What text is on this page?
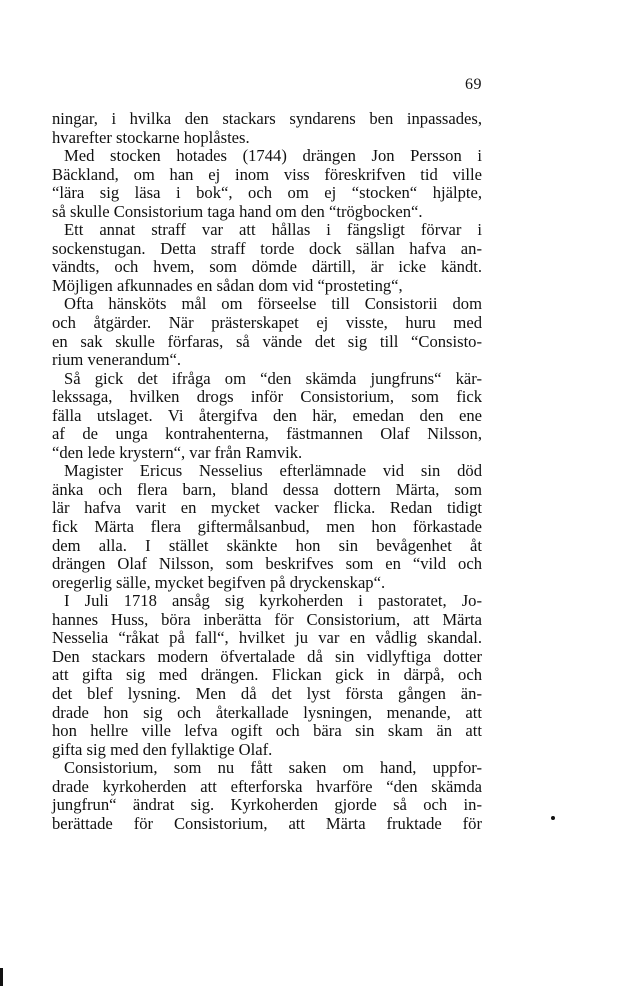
69
ningar, i hvilka den stackars syndarens ben inpassades,
hvarefter stockarne hoplåstes.
Med stocken hotades (1744) drängen Jon Persson i
Bäckland, om han ej inom viss föreskrifven tid ville
“lära sig läsa i bok“, och om ej “stocken“ hjälpte,
så skulle Consistorium taga hand om den “trögbocken“.
Ett annat straff var att hållas i fängsligt förvar i
sockenstugan. Detta straff torde dock sällan hafva an-
vändts, och hvem, som dömde därtill, är icke kändt.
Möjligen afkunnades en sådan dom vid “prosteting“,
Ofta hänsköts mål om förseelse till Consistorii dom
och åtgärder. När prästerskapet ej visste, huru med
en sak skulle förfaras, så vände det sig till “Consisto-
rium venerandum“.
Så gick det ifråga om “den skämda jungfruns“ kär-
lekssaga, hvilken drogs inför Consistorium, som fick
fälla utslaget. Vi återgifva den här, emedan den ene
af de unga kontrahenterna, fästmannen Olaf Nilsson,
“den lede krystern“, var från Ramvik.
Magister Ericus Nesselius efterlämnade vid sin död
änka och flera barn, bland dessa dottern Märta, som
lär hafva varit en mycket vacker flicka. Redan tidigt
fick Märta flera giftermålsanbud, men hon förkastade
dem alla. I stället skänkte hon sin bevågenhet åt
drängen Olaf Nilsson, som beskrifves som en “vild och
oregerlig sälle, mycket begifven på dryckenskap“.
I Juli 1718 ansåg sig kyrkoherden i pastoratet, Jo-
hannes Huss, böra inberätta för Consistorium, att Märta
Nesselia “råkat på fall“, hvilket ju var en vådlig skandal.
Den stackars modern öfvertalade då sin vidlyftiga dotter
att gifta sig med drängen. Flickan gick in därpå, och
det blef lysning. Men då det lyst första gången än-
drade hon sig och återkallade lysningen, menande, att
hon hellre ville lefva ogift och bära sin skam än att
gifta sig med den fyllaktige Olaf.
Consistorium, som nu fått saken om hand, uppfor-
drade kyrkoherden att efterforska hvarföre “den skämda
jungfrun“ ändrat sig. Kyrkoherden gjorde så och in-
berättade för Consistorium, att Märta fruktade för
